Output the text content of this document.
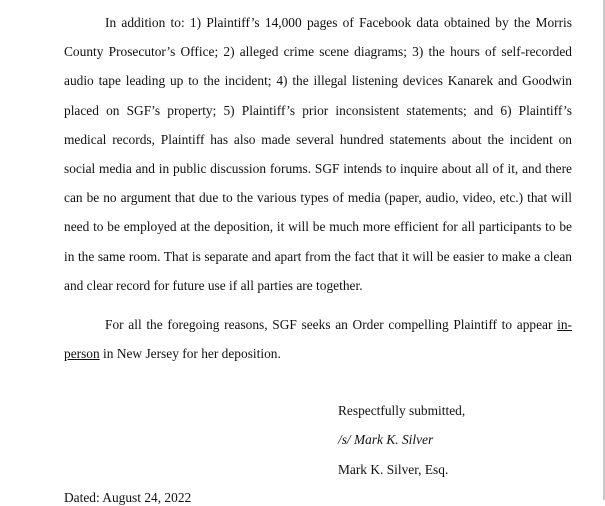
In addition to: 1) Plaintiff’s 14,000 pages of Facebook data obtained by the Morris County Prosecutor’s Office; 2) alleged crime scene diagrams; 3) the hours of self-recorded audio tape leading up to the incident; 4) the illegal listening devices Kanarek and Goodwin placed on SGF’s property; 5) Plaintiff’s prior inconsistent statements; and 6) Plaintiff’s medical records, Plaintiff has also made several hundred statements about the incident on social media and in public discussion forums. SGF intends to inquire about all of it, and there can be no argument that due to the various types of media (paper, audio, video, etc.) that will need to be employed at the deposition, it will be much more efficient for all participants to be in the same room. That is separate and apart from the fact that it will be easier to make a clean and clear record for future use if all parties are together.

For all the foregoing reasons, SGF seeks an Order compelling Plaintiff to appear in-person in New Jersey for her deposition.

Respectfully submitted,

/s/ Mark K. Silver

Mark K. Silver, Esq.

Dated: August 24, 2022
